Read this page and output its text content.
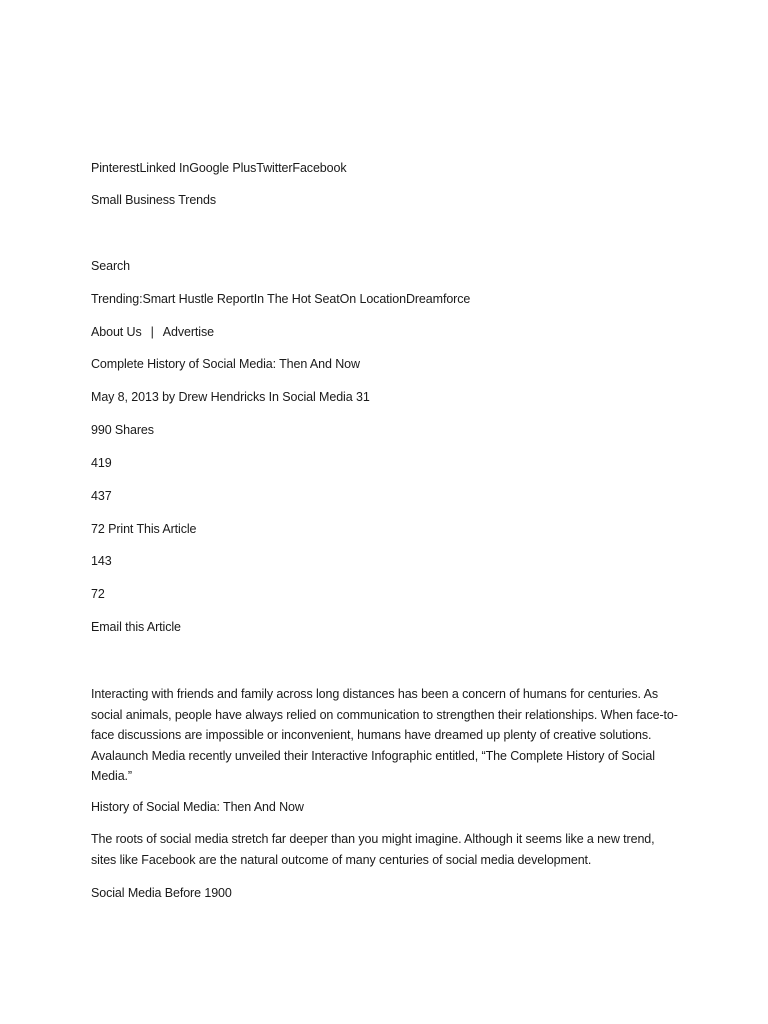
PinterestLinked InGoogle PlusTwitterFacebook
Small Business Trends
Search
Trending:Smart Hustle ReportIn The Hot SeatOn LocationDreamforce
About Us | Advertise
Complete History of Social Media: Then And Now
May 8, 2013 by Drew Hendricks In Social Media 31
990 Shares
419
437
72 Print This Article
143
72
Email this Article
Interacting with friends and family across long distances has been a concern of humans for centuries. As social animals, people have always relied on communication to strengthen their relationships. When face-to-face discussions are impossible or inconvenient, humans have dreamed up plenty of creative solutions. Avalaunch Media recently unveiled their Interactive Infographic entitled, “The Complete History of Social Media.”
History of Social Media: Then And Now
The roots of social media stretch far deeper than you might imagine. Although it seems like a new trend, sites like Facebook are the natural outcome of many centuries of social media development.
Social Media Before 1900
